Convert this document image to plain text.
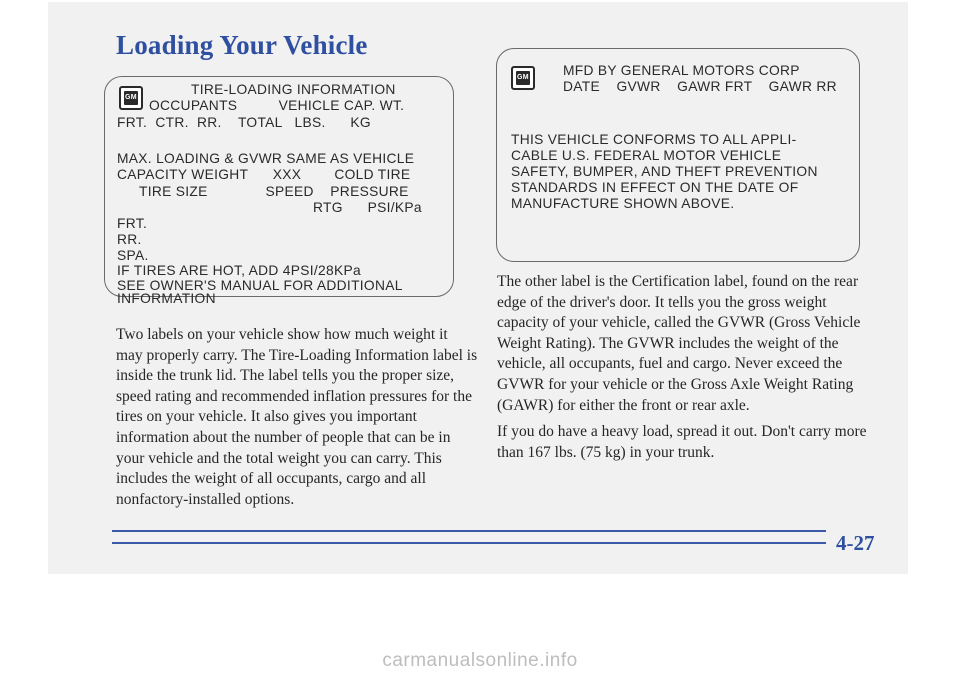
Loading Your Vehicle
GM
TIRE-LOADING INFORMATION
OCCUPANTS          VEHICLE CAP. WT.
FRT.  CTR.  RR.    TOTAL   LBS.      KG
MAX. LOADING & GVWR SAME AS VEHICLE
CAPACITY WEIGHT      XXX        COLD TIRE
TIRE SIZE              SPEED    PRESSURE
RTG      PSI/KPa
FRT.
RR.
SPA.
IF TIRES ARE HOT, ADD 4PSI/28KPa
SEE OWNER'S MANUAL FOR ADDITIONAL
INFORMATION
GM MFD BY GENERAL MOTORS CORP
DATE    GVWR    GAWR FRT    GAWR RR
THIS VEHICLE CONFORMS TO ALL APPLI-
CABLE U.S. FEDERAL MOTOR VEHICLE
SAFETY, BUMPER, AND THEFT PREVENTION
STANDARDS IN EFFECT ON THE DATE OF
MANUFACTURE SHOWN ABOVE.

Two labels on your vehicle show how much weight it may properly carry. The Tire-Loading Information label is inside the trunk lid. The label tells you the proper size, speed rating and recommended inflation pressures for the tires on your vehicle. It also gives you important information about the number of people that can be in your vehicle and the total weight you can carry. This includes the weight of all occupants, cargo and all nonfactory-installed options.

The other label is the Certification label, found on the rear edge of the driver's door. It tells you the gross weight capacity of your vehicle, called the GVWR (Gross Vehicle Weight Rating). The GVWR includes the weight of the vehicle, all occupants, fuel and cargo. Never exceed the GVWR for your vehicle or the Gross Axle Weight Rating (GAWR) for either the front or rear axle.

If you do have a heavy load, spread it out. Don't carry more than 167 lbs. (75 kg) in your trunk.

4-27
carmanualsonline.info
